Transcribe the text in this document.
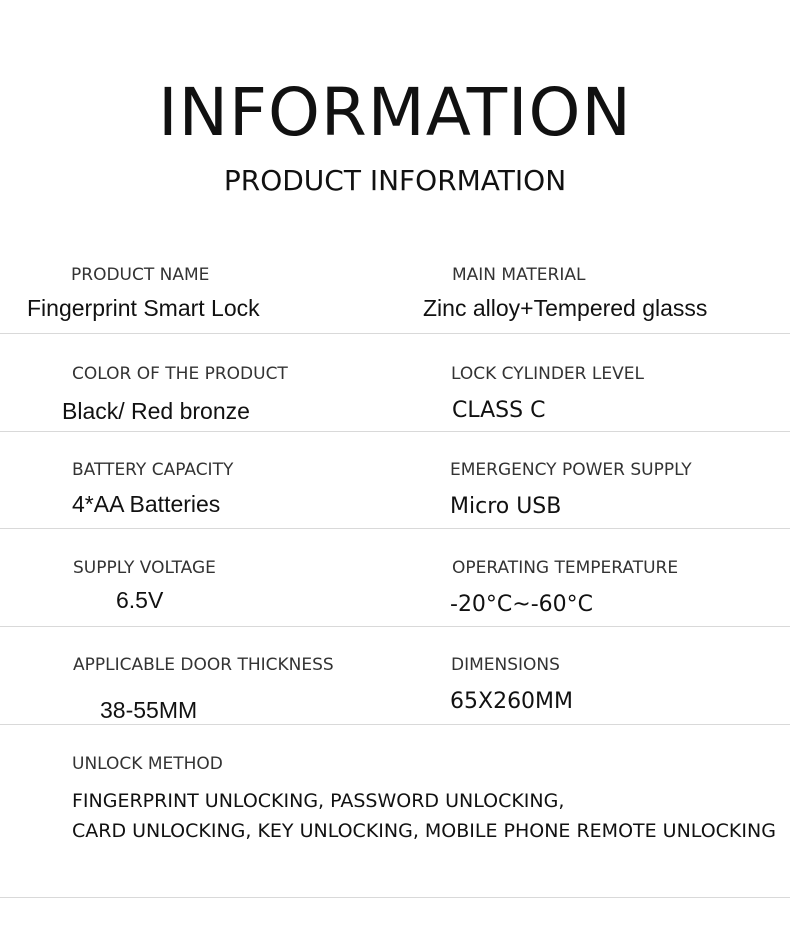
INFORMATION
PRODUCT INFORMATION
PRODUCT NAME
Fingerprint Smart Lock
MAIN MATERIAL
Zinc alloy+Tempered glasss
COLOR OF THE PRODUCT
Black/ Red bronze
LOCK CYLINDER LEVEL
CLASS C
BATTERY CAPACITY
4*AA Batteries
EMERGENCY POWER SUPPLY
Micro USB
SUPPLY VOLTAGE
6.5V
OPERATING TEMPERATURE
-20°C~-60°C
APPLICABLE DOOR THICKNESS
38-55MM
DIMENSIONS
65X260MM
UNLOCK METHOD
FINGERPRINT UNLOCKING, PASSWORD UNLOCKING,
CARD UNLOCKING, KEY UNLOCKING, MOBILE PHONE REMOTE UNLOCKING
